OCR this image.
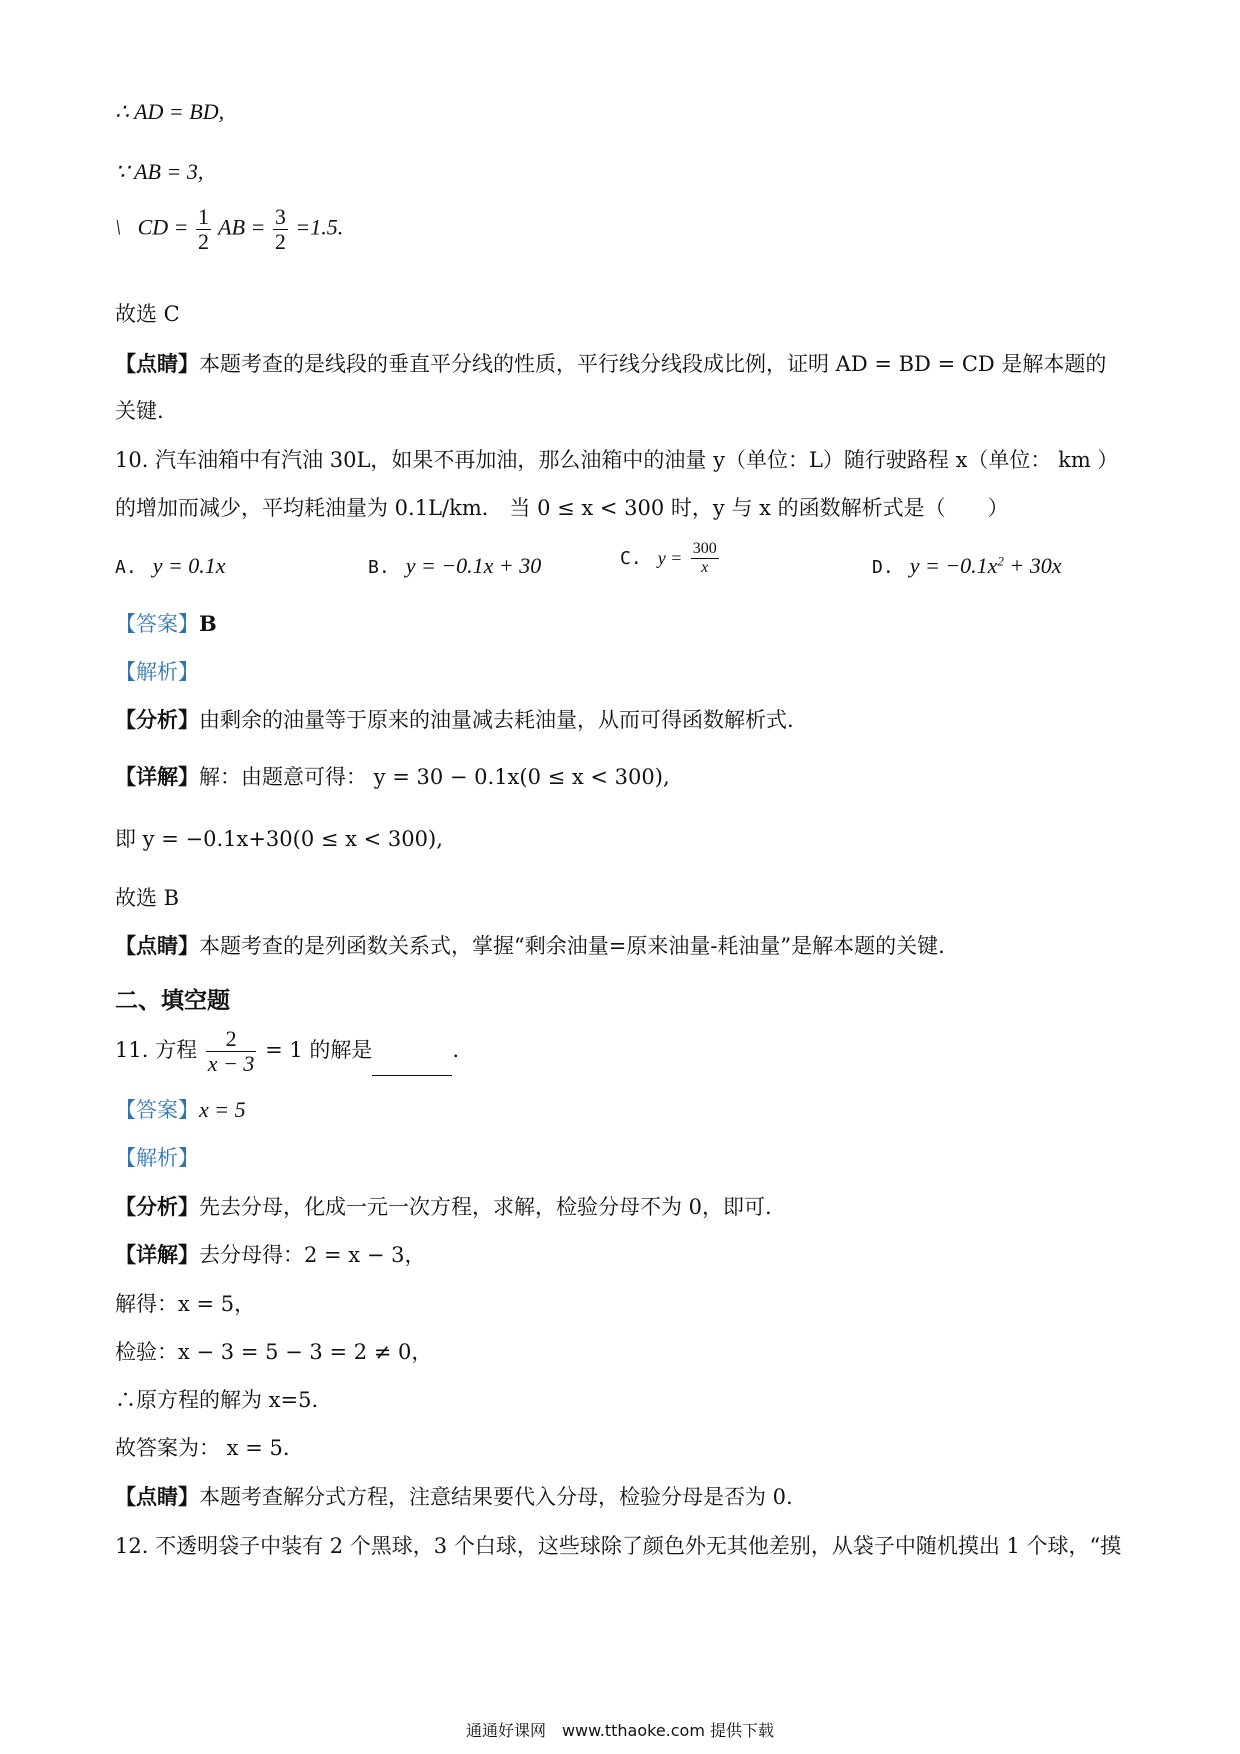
∴ AD = BD,
∵ AB = 3,
\ CD = $\frac{1}{2}$ AB = $\frac{3}{2} =1.5$.
故选 C
【点睛】本题考查的是线段的垂直平分线的性质，平行线分线段成比例，证明 AD = BD = CD 是解本题的
关键.
10. 汽车油箱中有汽油 30L，如果不再加油，那么油箱中的油量 y（单位：L）随行驶路程 x（单位： km ）
的增加而减少，平均耗油量为 0.1L/km． 当 0 ≤ x < 300 时，y 与 x 的函数解析式是（　　）
A. y = 0.1x	B. y = −0.1x + 30	C. $y = \frac{300}{x}$	D. $y = -0.1x^2 + 30x$
【答案】B
【解析】
【分析】由剩余的油量等于原来的油量减去耗油量，从而可得函数解析式.
【详解】解：由题意可得： y = 30 − 0.1x(0 ≤ x < 300),
即 y = −0.1x+30(0 ≤ x < 300),
故选 B
【点睛】本题考查的是列函数关系式，掌握“剩余油量=原来油量-耗油量”是解本题的关键.
二、填空题
11. 方程 $\frac{2}{x - 3} = 1$ 的解是	.
【答案】x = 5
【解析】
【分析】先去分母，化成一元一次方程，求解，检验分母不为 0，即可.
【详解】去分母得：2 = x − 3，
解得：x = 5，
检验：x − 3 = 5 − 3 = 2 ≠ 0，
∴原方程的解为 x=5.
故答案为： x = 5.
【点睛】本题考查解分式方程，注意结果要代入分母，检验分母是否为 0.
12. 不透明袋子中装有 2 个黑球，3 个白球，这些球除了颜色外无其他差别，从袋子中随机摸出 1 个球，“摸
通通好课网　www.tthaoke.com 提供下载
